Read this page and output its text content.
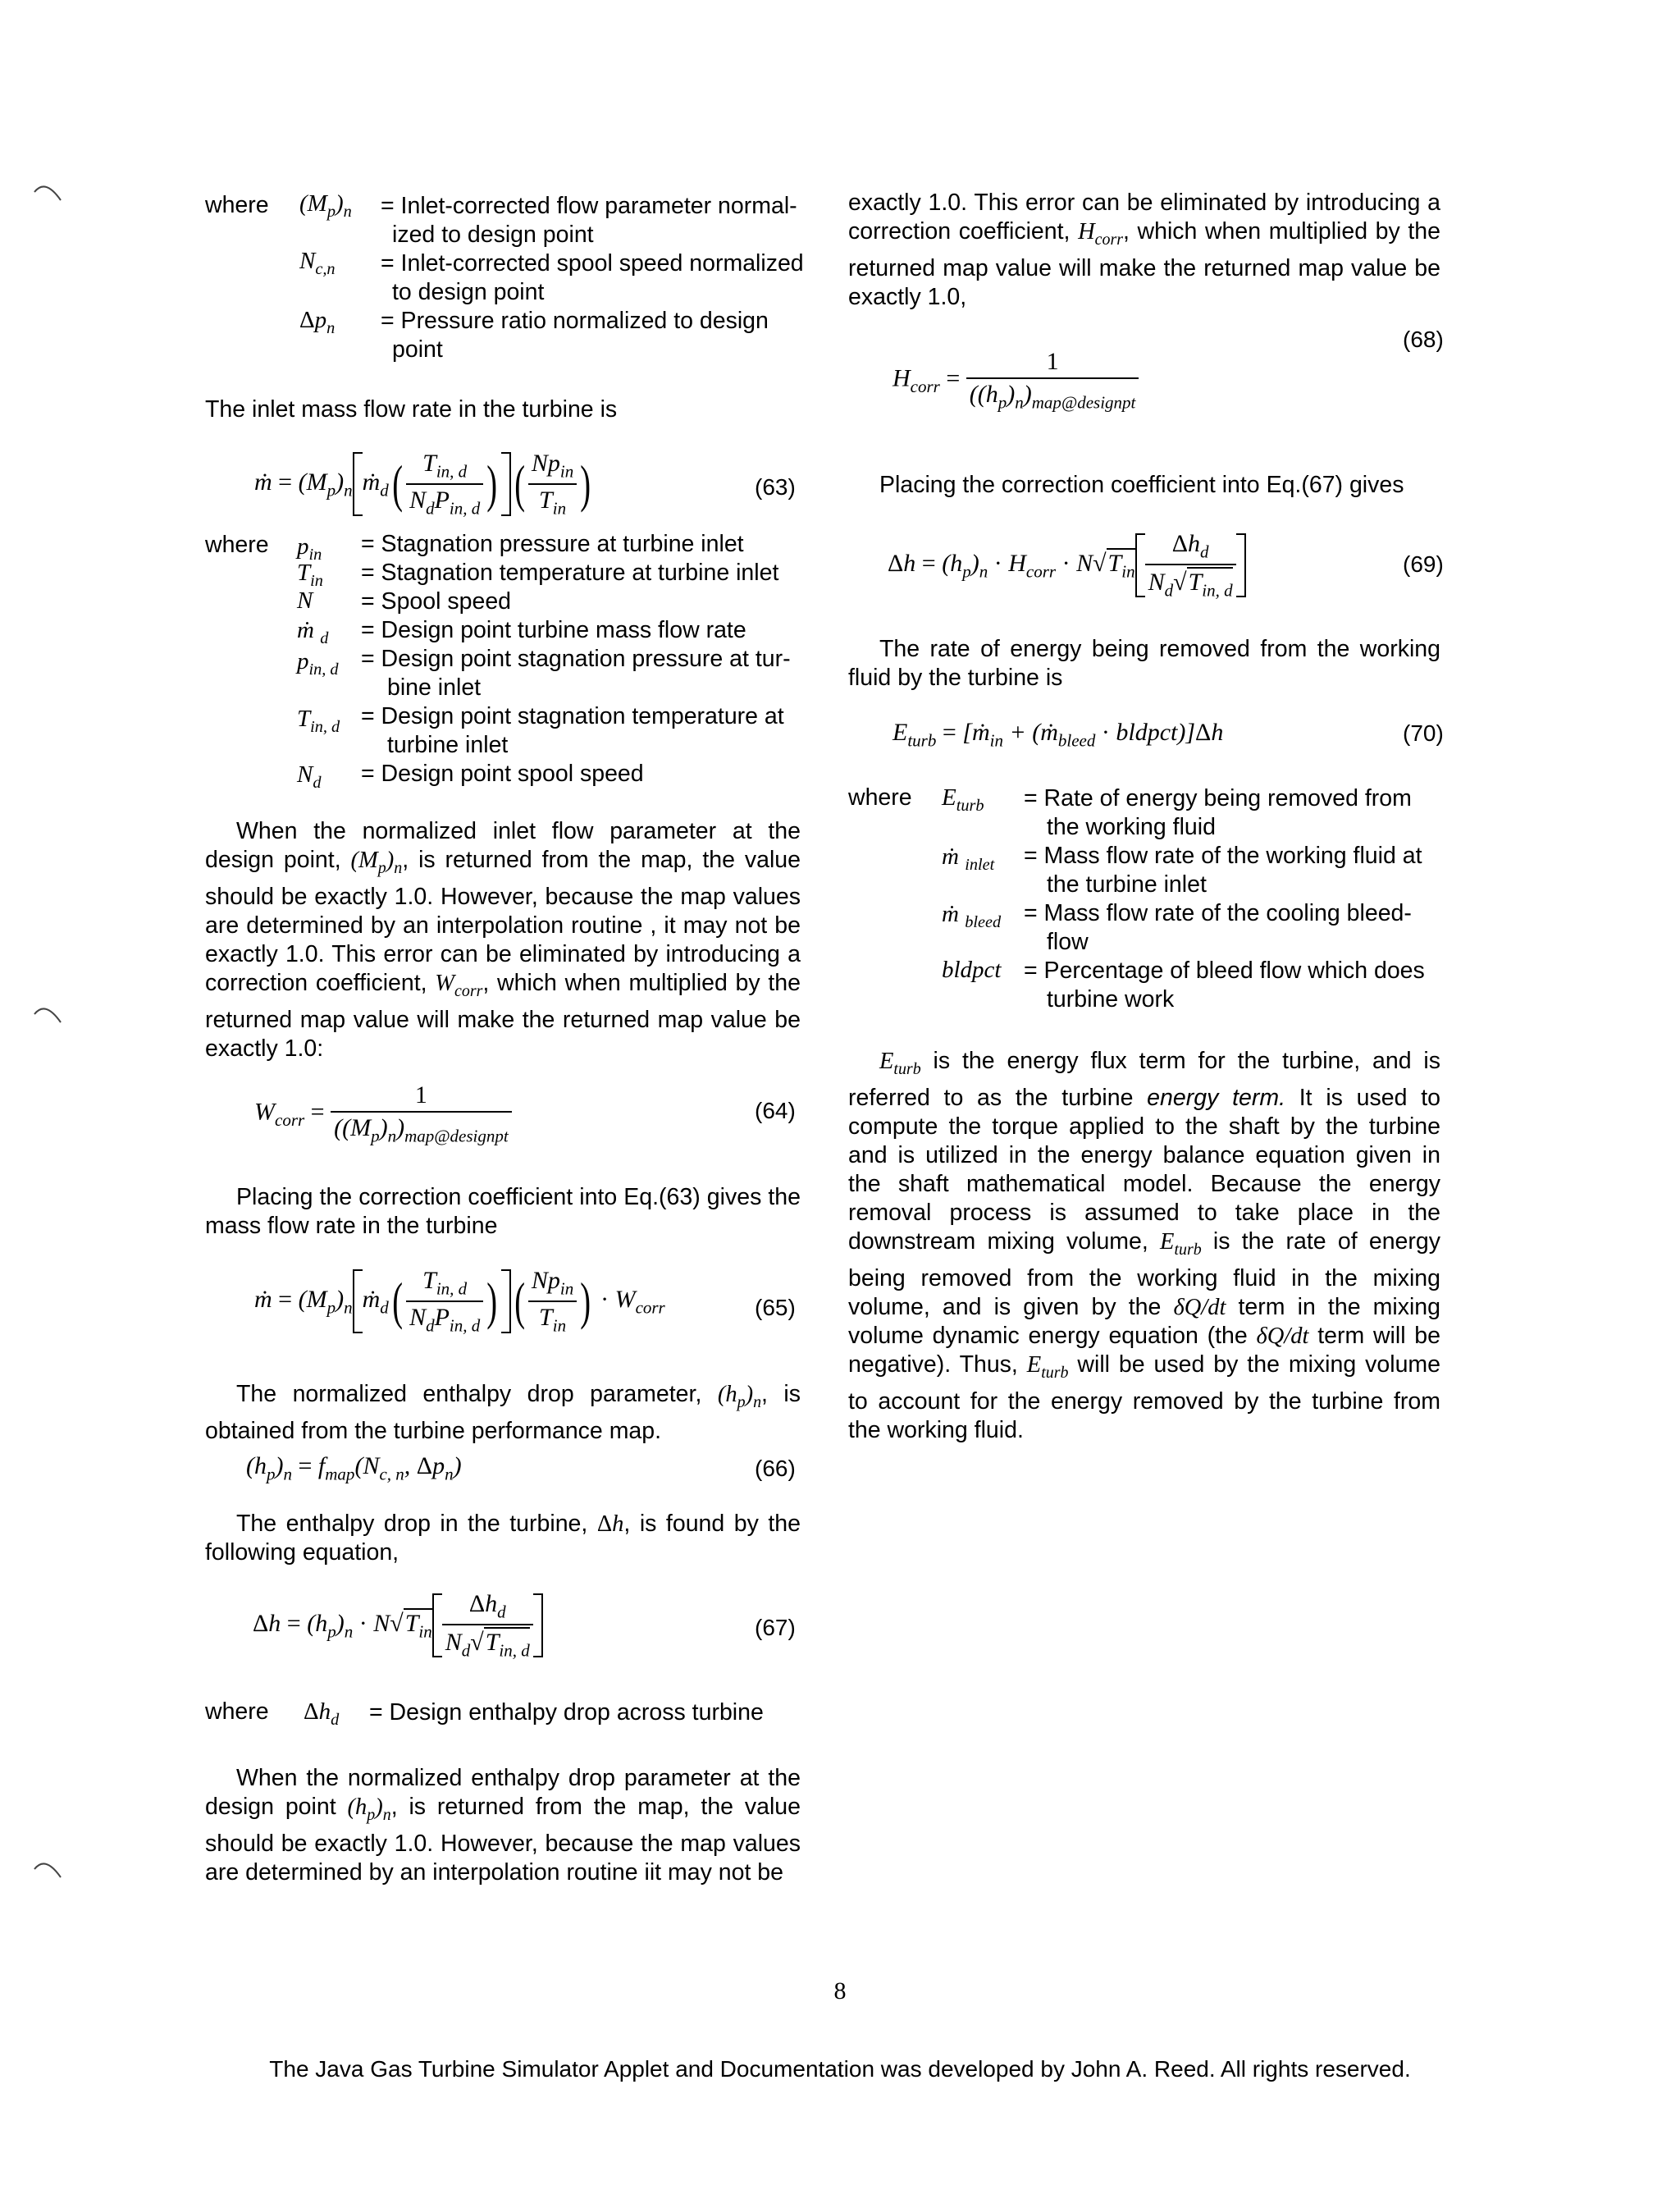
where $(M_p)_n$ = Inlet-corrected flow parameter normal-
ized to design point
$N_{c,n}$ = Inlet-corrected spool speed normalized
to design point
$\Delta p_n$ = Pressure ratio normalized to design
point
The inlet mass flow rate in the turbine is
ṁ = $(M_p)_n$ ṁ$_d$( $\frac{T_{in, d}}{N_dP_{in, d}}$ ) ( $\frac{Np_{in}}{T_{in}}$ )	(63)
where $p_{in}$ = Stagnation pressure at turbine inlet
$T_{in}$ = Stagnation temperature at turbine inlet
N = Spool speed
ṁ $_d$ = Design point turbine mass flow rate
$p_{in, d}$ = Design point stagnation pressure at tur-
bine inlet
$T_{in, d}$ = Design point stagnation temperature at
turbine inlet
$N_d$ = Design point spool speed
When the normalized inlet flow parameter at the design point, $(M_p)_n$, is returned from the map, the value should be exactly 1.0. However, because the map values are determined by an interpolation routine , it may not be exactly 1.0. This error can be eliminated by introducing a correction coefficient, $W_{corr}$, which when multiplied by the returned map value will make the returned map value be exactly 1.0:
$W_{corr} = \frac{1}{((M_p)_n)_{map@designpt}}$	(64)
Placing the correction coefficient into Eq.(63) gives the mass flow rate in the turbine
ṁ = $(M_p)_n$ ṁ$_d$( $\frac{T_{in, d}}{N_dP_{in, d}}$ ) ( $\frac{Np_{in}}{T_{in}}$ ) · $W_{corr}$	(65)
The normalized enthalpy drop parameter, $(h_p)_n$, is obtained from the turbine performance map.
$(h_p)_n = f_{map}(N_{c, n}$, $\Delta p_n$)	(66)
The enthalpy drop in the turbine, Δh, is found by the following equation,
$\Delta h = (h_p)_n \cdot N√T_{in} \frac{\Delta h_d}{N_d√T_{in, d}}$	(67)
where $\Delta h_d$ = Design enthalpy drop across turbine
When the normalized enthalpy drop parameter at the design point $(h_p)_n$, is returned from the map, the value should be exactly 1.0. However, because the map values are determined by an interpolation routine iit may not be
exactly 1.0. This error can be eliminated by introducing a correction coefficient, $H_{corr}$, which when multiplied by the returned map value will make the returned map value be exactly 1.0,
(68)
$H_{corr} = \frac{1}{((h_p)_n)_{map@designpt}}$
Placing the correction coefficient into Eq.(67) gives
$\Delta h = (h_p)_n \cdot H_{corr} \cdot N√T_{in} \frac{\Delta h_d}{N_d√T_{in, d}}$	(69)
The rate of energy being removed from the working fluid by the turbine is
$E_{turb}$ = [ṁ$_{in}$ + (ṁ$_{bleed}$ · bldpct)]Δh	(70)
where $E_{turb}$ = Rate of energy being removed from
the working fluid
ṁ $_{inlet}$ = Mass flow rate of the working fluid at
the turbine inlet
ṁ $_{bleed}$ = Mass flow rate of the cooling bleed-
flow
bldpct = Percentage of bleed flow which does
turbine work
$E_{turb}$ is the energy flux term for the turbine, and is referred to as the turbine energy term. It is used to compute the torque applied to the shaft by the turbine and is utilized in the energy balance equation given in the shaft mathematical model. Because the energy removal process is assumed to take place in the downstream mixing volume, $E_{turb}$ is the rate of energy being removed from the working fluid in the mixing volume, and is given by the δQ/dt term in the mixing volume dynamic energy equation (the δQ/dt term will be negative). Thus, $E_{turb}$ will be used by the mixing volume to account for the energy removed by the turbine from the working fluid.
8
The Java Gas Turbine Simulator Applet and Documentation was developed by John A. Reed. All rights reserved.
